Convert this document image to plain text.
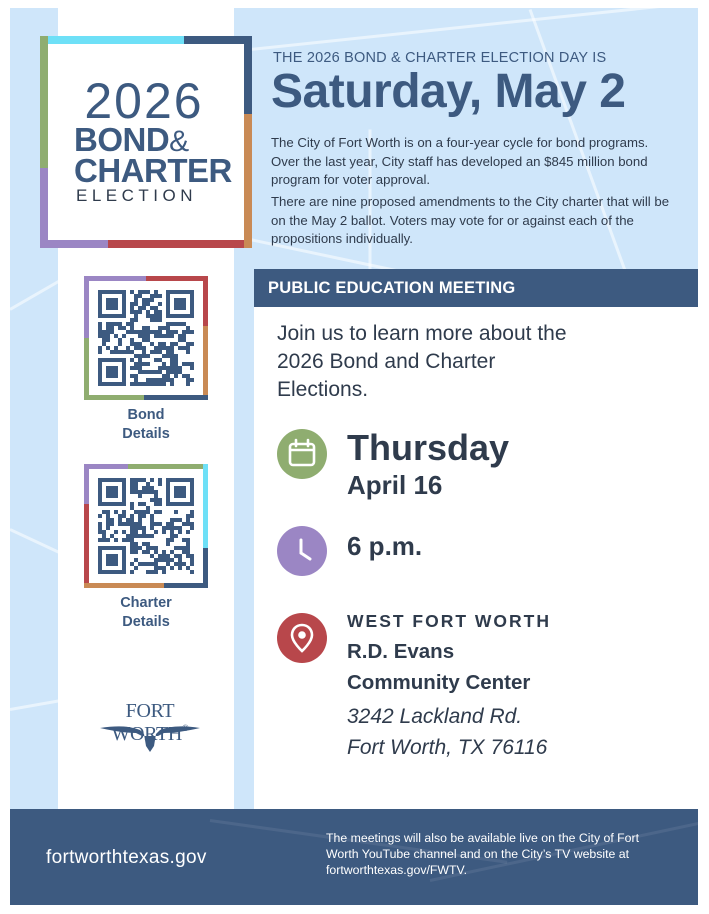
2026
BOND&
CHARTER
ELECTION
THE 2026 BOND & CHARTER ELECTION DAY IS
Saturday, May 2
The City of Fort Worth is on a four-year cycle for bond programs. Over the last year, City staff has developed an $845 million bond program for voter approval.
There are nine proposed amendments to the City charter that will be on the May 2 ballot. Voters may vote for or against each of the propositions individually.
PUBLIC EDUCATION MEETING
Join us to learn more about the 2026 Bond and Charter Elections.
Thursday
April 16
6 p.m.
WEST FORT WORTH
R.D. Evans
Community Center
3242 Lackland Rd.
Fort Worth, TX 76116
Bond
Details
Charter
Details
FORT WORTH
fortworthtexas.gov
The meetings will also be available live on the City of Fort Worth YouTube channel and on the City’s TV website at fortworthtexas.gov/FWTV.
